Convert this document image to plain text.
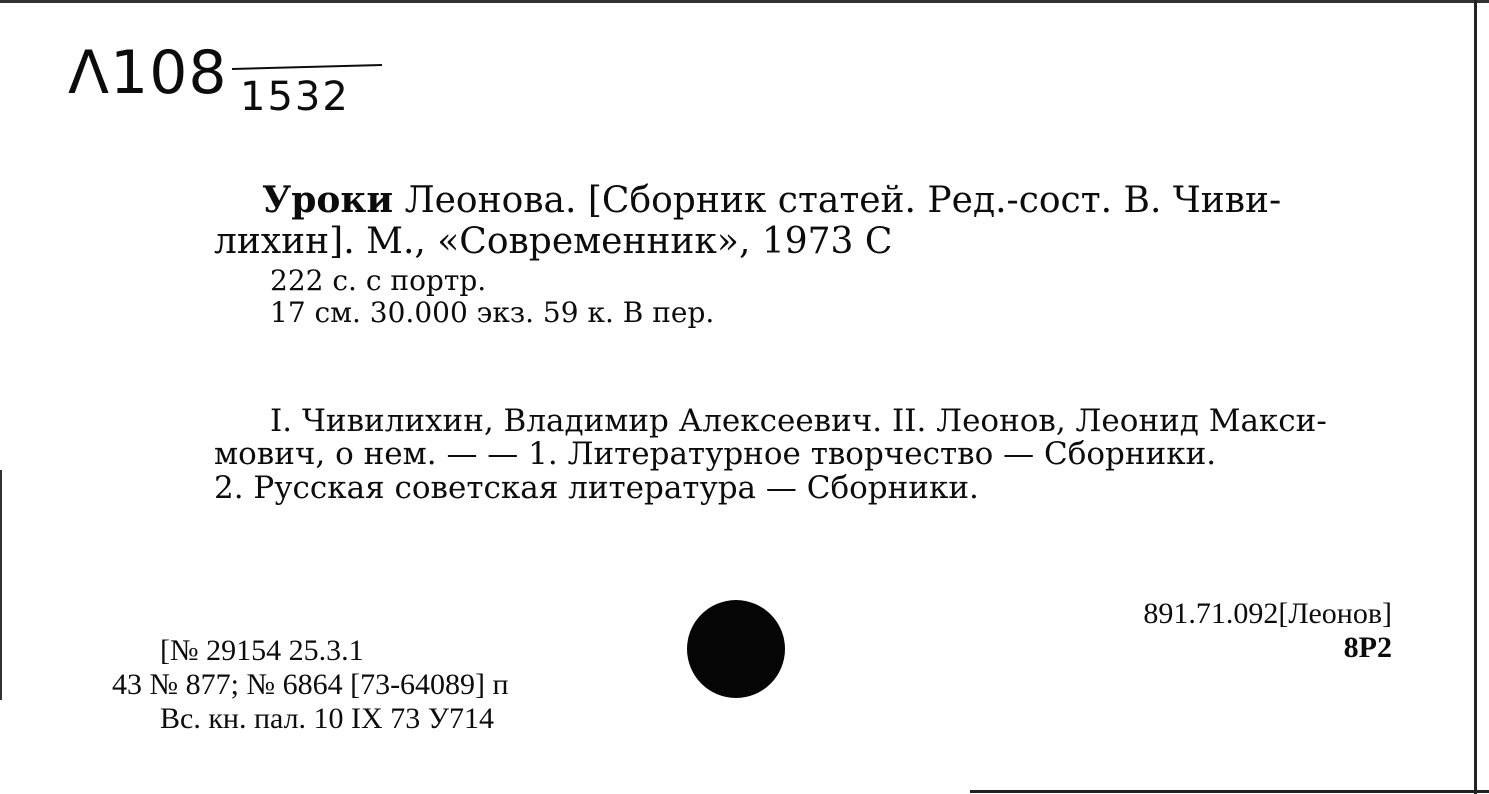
Λ108 1532
Уроки Леонова. [Сборник статей. Ред.-сост. В. Чиви-
лихин]. М., «Современник», 1973 С
222 с. с портр.
17 см. 30.000 экз. 59 к. В пер.
I. Чивилихин, Владимир Алексеевич. II. Леонов, Леонид Макси-
мович, о нем. — — 1. Литературное творчество — Сборники.
2. Русская советская литература — Сборники.
891.71.092[Леонов]
8Р2
[№ 29154 25.3.1
43 № 877; № 6864 [73-64089] п
Вс. кн. пал. 10 IX 73 У714
